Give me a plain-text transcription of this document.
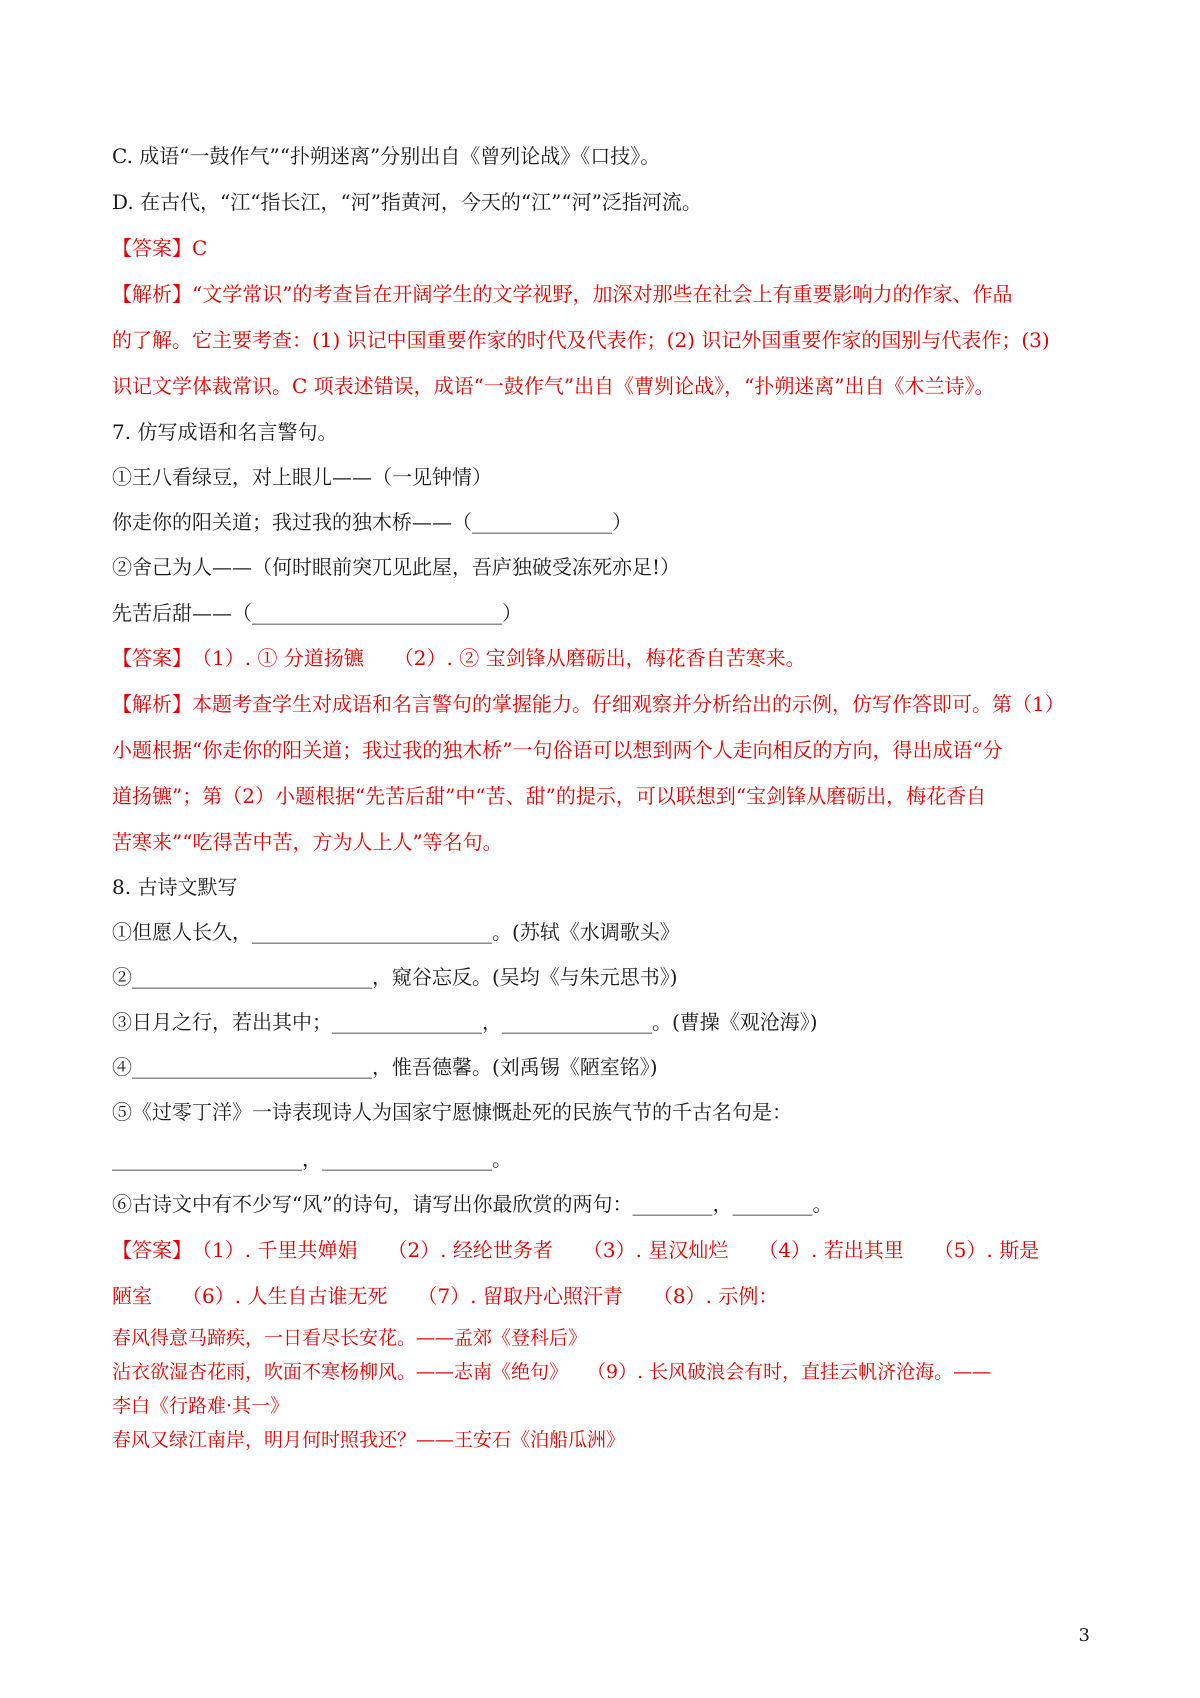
C. 成语“一鼓作气”“扑朔迷离”分别出自《曾列论战》《口技》。
D. 在古代，“江“指长江，“河”指黄河，今天的“江”“河”泛指河流。
【答案】C
【解析】“文学常识”的考查旨在开阔学生的文学视野，加深对那些在社会上有重要影响力的作家、作品
的了解。它主要考查：(1) 识记中国重要作家的时代及代表作；(2) 识记外国重要作家的国别与代表作；(3)
识记文学体裁常识。C 项表述错误，成语“一鼓作气”出自《曹刿论战》，“扑朔迷离”出自《木兰诗》。
7. 仿写成语和名言警句。
①王八看绿豆，对上眼儿——（一见钟情）
你走你的阳关道；我过我的独木桥——（______________）
②舍己为人——（何时眼前突兀见此屋，吾庐独破受冻死亦足!）
先苦后甜——（_________________________）
【答案】　（1）. ① 分道扬镳　　（2）. ② 宝剑锋从磨砺出，梅花香自苦寒来。
【解析】本题考查学生对成语和名言警句的掌握能力。仔细观察并分析给出的示例，仿写作答即可。第（1）
小题根据“你走你的阳关道；我过我的独木桥”一句俗语可以想到两个人走向相反的方向，得出成语“分
道扬镳”；第（2）小题根据“先苦后甜”中“苦、甜”的提示，可以联想到“宝剑锋从磨砺出，梅花香自
苦寒来”“吃得苦中苦，方为人上人”等名句。
8. 古诗文默写
①但愿人长久，________________________。(苏轼《水调歌头》
②________________________，窥谷忘反。(吴均《与朱元思书》)
③日月之行，若出其中；_______________，_______________。(曹操《观沧海》)
④________________________，惟吾德馨。(刘禹锡《陋室铭》)
⑤《过零丁洋》一诗表现诗人为国家宁愿慷慨赴死的民族气节的千古名句是：
___________________，_________________。
⑥古诗文中有不少写“风”的诗句，请写出你最欣赏的两句：________，________。
【答案】　（1）. 千里共婵娟　　（2）. 经纶世务者　　（3）. 星汉灿烂　　（4）. 若出其里　　（5）. 斯是
陋室　　（6）. 人生自古谁无死　　（7）. 留取丹心照汗青　　（8）. 示例：
春风得意马蹄疾，一日看尽长安花。——孟郊《登科后》
沾衣欲湿杏花雨，吹面不寒杨柳风。——志南《绝句》　　（9）. 长风破浪会有时，直挂云帆济沧海。——
李白《行路难·其一》
春风又绿江南岸，明月何时照我还？——王安石《泊船瓜洲》
3
